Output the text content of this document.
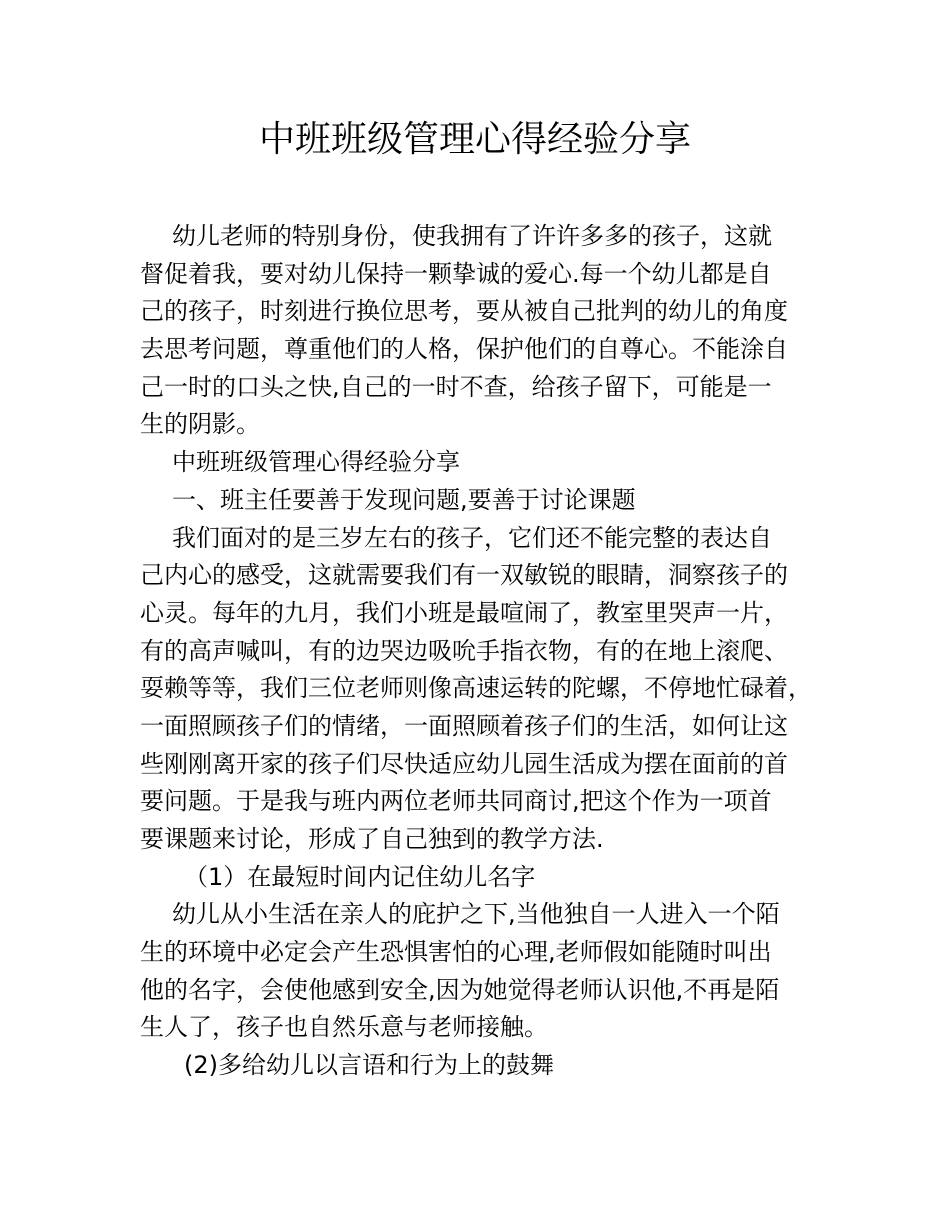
中班班级管理心得经验分享
幼儿老师的特别身份，使我拥有了许许多多的孩子，这就
督促着我，要对幼儿保持一颗挚诚的爱心.每一个幼儿都是自
己的孩子，时刻进行换位思考，要从被自己批判的幼儿的角度
去思考问题，尊重他们的人格，保护他们的自尊心。不能涂自
己一时的口头之快,自己的一时不查，给孩子留下，可能是一
生的阴影。
中班班级管理心得经验分享
一、班主任要善于发现问题,要善于讨论课题
我们面对的是三岁左右的孩子，它们还不能完整的表达自
己内心的感受，这就需要我们有一双敏锐的眼睛，洞察孩子的
心灵。每年的九月，我们小班是最喧闹了，教室里哭声一片，
有的高声喊叫，有的边哭边吸吮手指衣物，有的在地上滚爬、
耍赖等等，我们三位老师则像高速运转的陀螺，不停地忙碌着，
一面照顾孩子们的情绪，一面照顾着孩子们的生活，如何让这
些刚刚离开家的孩子们尽快适应幼儿园生活成为摆在面前的首
要问题。于是我与班内两位老师共同商讨,把这个作为一项首
要课题来讨论，形成了自己独到的教学方法.
（1）在最短时间内记住幼儿名字
幼儿从小生活在亲人的庇护之下,当他独自一人进入一个陌
生的环境中必定会产生恐惧害怕的心理,老师假如能随时叫出
他的名字，会使他感到安全,因为她觉得老师认识他,不再是陌
生人了，孩子也自然乐意与老师接触。
(2)多给幼儿以言语和行为上的鼓舞
